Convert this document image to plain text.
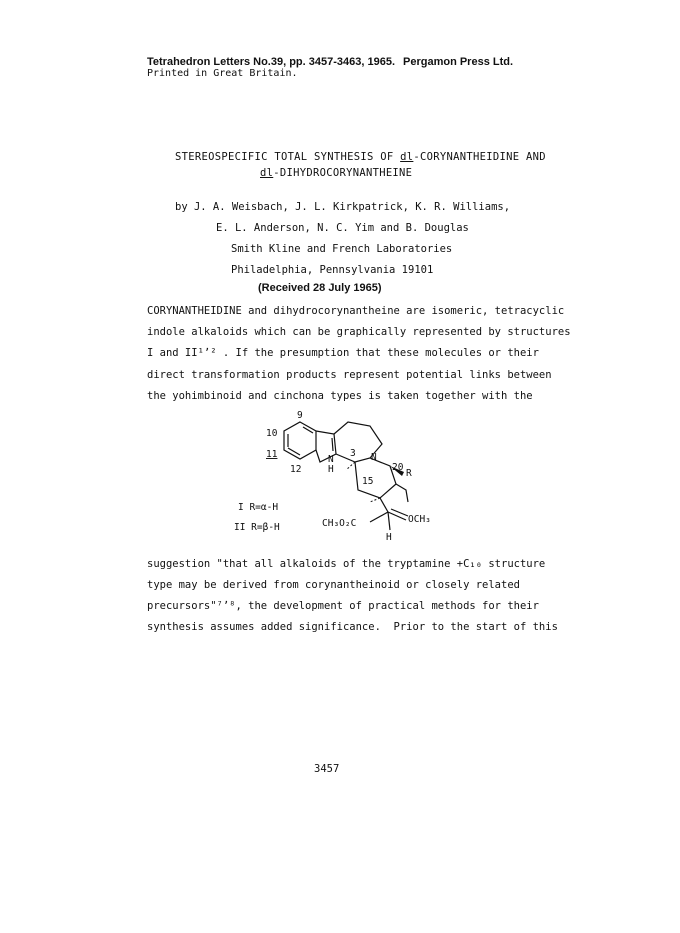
Tetrahedron Letters No.39, pp. 3457-3463, 1965. Pergamon Press Ltd.
Printed in Great Britain.
STEREOSPECIFIC TOTAL SYNTHESIS OF dl-CORYNANTHEIDINE AND
dl-DIHYDROCORYNANTHEINE
by J. A. Weisbach, J. L. Kirkpatrick, K. R. Williams,
E. L. Anderson, N. C. Yim and B. Douglas
Smith Kline and French Laboratories
Philadelphia, Pennsylvania 19101
(Received 28 July 1965)
CORYNANTHEIDINE and dihydrocorynantheine are isomeric, tetracyclic
indole alkaloids which can be graphically represented by structures
I and II¹ʼ² . If the presumption that these molecules or their
direct transformation products represent potential links between
the yohimbinoid and cinchona types is taken together with the
9
10
11
12
N
H
3 N
20
R
15
CH₃O₂C	OCH₃
H
I R=α-H
II R=β-H
suggestion "that all alkaloids of the tryptamine +C₁₀ structure
type may be derived from corynantheinoid or closely related
precursors"⁷ʼ⁸, the development of practical methods for their
synthesis assumes added significance.  Prior to the start of this
3457
